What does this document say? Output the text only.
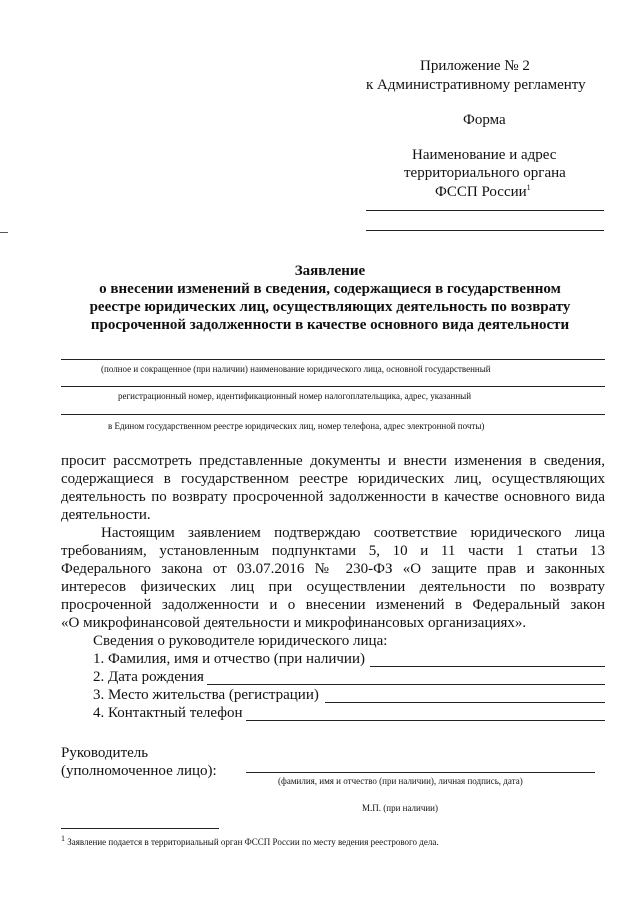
Приложение № 2
к Административному регламенту
Форма
Наименование и адрес
территориального органа
ФССП России$^1$
Заявление
о внесении изменений в сведения, содержащиеся в государственном
реестре юридических лиц, осуществляющих деятельность по возврату
просроченной задолженности в качестве основного вида деятельности
(полное и сокращенное (при наличии) наименование юридического лица, основной государственный
регистрационный номер, идентификационный номер налогоплательщика, адрес, указанный
в Едином государственном реестре юридических лиц, номер телефона, адрес электронной почты)
просит рассмотреть представленные документы и внести изменения в сведения,
содержащиеся в государственном реестре юридических лиц, осуществляющих
деятельность по возврату просроченной задолженности в качестве основного вида
деятельности.
Настоящим заявлением подтверждаю соответствие юридического лица
требованиям, установленным подпунктами 5, 10 и 11 части 1 статьи 13
Федерального закона от 03.07.2016 № 230-ФЗ «О защите прав и законных
интересов физических лиц при осуществлении деятельности по возврату
просроченной задолженности и о внесении изменений в Федеральный закон
«О микрофинансовой деятельности и микрофинансовых организациях».
Сведения о руководителе юридического лица:
1. Фамилия, имя и отчество (при наличии)
2. Дата рождения
3. Место жительства (регистрации)
4. Контактный телефон
Руководитель
(уполномоченное лицо):
(фамилия, имя и отчество (при наличии), личная подпись, дата)
М.П. (при наличии)
$^1$ Заявление подается в территориальный орган ФССП России по месту ведения реестрового дела.
